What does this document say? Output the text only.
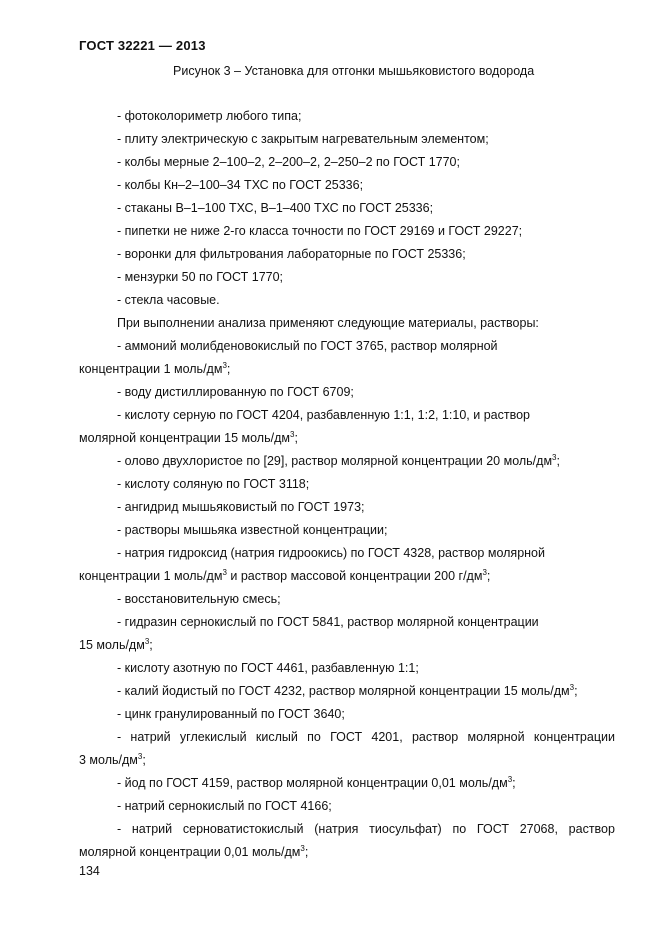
ГОСТ 32221 — 2013
Рисунок 3 – Установка для отгонки мышьяковистого водорода
- фотоколориметр любого типа;
- плиту электрическую с закрытым нагревательным элементом;
- колбы мерные 2–100–2, 2–200–2, 2–250–2 по ГОСТ 1770;
- колбы Кн–2–100–34 ТХС по ГОСТ 25336;
- стаканы В–1–100 ТХС, В–1–400 ТХС по ГОСТ 25336;
- пипетки не ниже 2-го класса точности по ГОСТ 29169 и ГОСТ 29227;
- воронки для фильтрования лабораторные по ГОСТ 25336;
- мензурки 50 по ГОСТ 1770;
- стекла часовые.
При выполнении анализа применяют следующие материалы, растворы:
- аммоний молибденовокислый по ГОСТ 3765, раствор молярной
концентрации 1 моль/$дм^3$;
- воду дистиллированную по ГОСТ 6709;
- кислоту серную по ГОСТ 4204, разбавленную 1:1, 1:2, 1:10, и раствор
молярной концентрации 15 моль/$дм^3$;
- олово двухлористое по [29], раствор молярной концентрации 20 моль/$дм^3$;
- кислоту соляную по ГОСТ 3118;
- ангидрид мышьяковистый по ГОСТ 1973;
- растворы мышьяка известной концентрации;
- натрия гидроксид (натрия гидроокись) по ГОСТ 4328, раствор молярной
концентрации 1 моль/$дм^3$ и раствор массовой концентрации 200 $г/дм^3$;
- восстановительную смесь;
- гидразин сернокислый по ГОСТ 5841, раствор молярной концентрации
15 моль/$дм^3$;
- кислоту азотную по ГОСТ 4461, разбавленную 1:1;
- калий йодистый по ГОСТ 4232, раствор молярной концентрации 15 моль/$дм^3$;
- цинк гранулированный по ГОСТ 3640;
- натрий углекислый кислый по ГОСТ 4201, раствор молярной концентрации
3 моль/$дм^3$;
- йод по ГОСТ 4159, раствор молярной концентрации 0,01 моль/$дм^3$;
- натрий сернокислый по ГОСТ 4166;
- натрий серноватистокислый (натрия тиосульфат) по ГОСТ 27068, раствор
молярной концентрации 0,01 моль/$дм^3$;
134
